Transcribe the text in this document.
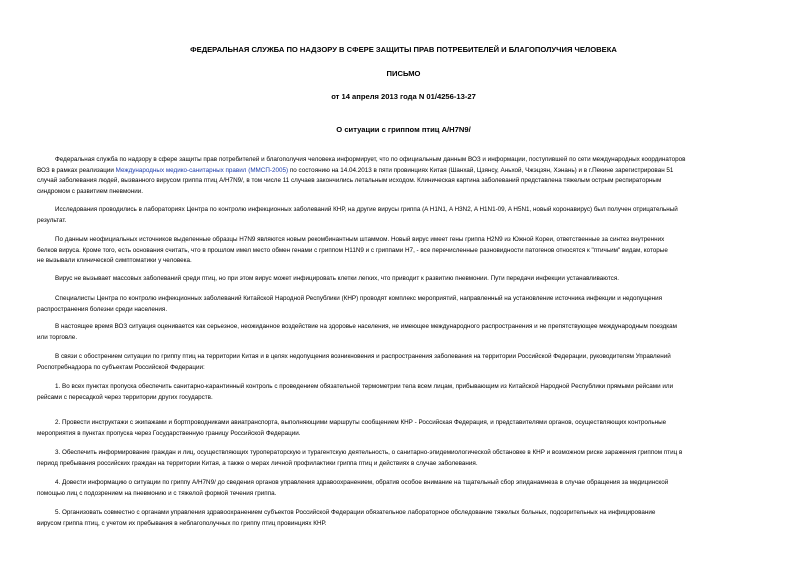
ФЕДЕРАЛЬНАЯ СЛУЖБА ПО НАДЗОРУ В СФЕРЕ ЗАЩИТЫ ПРАВ ПОТРЕБИТЕЛЕЙ И БЛАГОПОЛУЧИЯ ЧЕЛОВЕКА
ПИСЬМО
от 14 апреля 2013 года N 01/4256-13-27
О ситуации с гриппом птиц A/H7N9/
Федеральная служба по надзору в сфере защиты прав потребителей и благополучия человека информирует, что по официальным данным ВОЗ и информации, поступившей по сети международных координаторов
ВОЗ в рамках реализации Международных медико-санитарных правил (ММСП-2005) по состоянию на 14.04.2013 в пяти провинциях Китая (Шанхай, Цзянсу, Аньхой, Чжэцзян, Хэнань) и в г.Пекине зарегистрирован 51
случай заболевания людей, вызванного вирусом гриппа птиц A/H7N9/, в том числе 11 случаев закончились летальным исходом. Клиническая картина заболеваний представлена тяжелым острым респираторным
синдромом с развитием пневмонии.
Исследования проводились в лабораториях Центра по контролю инфекционных заболеваний КНР, на другие вирусы гриппа (A H1N1, A H3N2, A H1N1-09, A H5N1, новый коронавирус) был получен отрицательный
результат.
По данным неофициальных источников выделенные образцы H7N9 являются новым рекомбинантным штаммом. Новый вирус имеет гены гриппа H2N9 из Южной Кореи, ответственные за синтез внутренних
белков вируса. Кроме того, есть основания считать, что в прошлом имел место обмен генами с гриппом H11N9 и с гриппами H7, - все перечисленные разновидности патогенов относятся к "птичьим" видам, которые
не вызывали клинической симптоматики у человека.
Вирус не вызывает массовых заболеваний среди птиц, но при этом вирус может инфицировать клетки легких, что приводит к развитию пневмонии. Пути передачи инфекции устанавливаются.
Специалисты Центра по контролю инфекционных заболеваний Китайской Народной Республики (КНР) проводят комплекс мероприятий, направленный на установление источника инфекции и недопущения
распространения болезни среди населения.
В настоящее время ВОЗ ситуация оценивается как серьезное, неожиданное воздействие на здоровье населения, не имеющее международного распространения и не препятствующее международным поездкам
или торговле.
В связи с обострением ситуации по гриппу птиц на территории Китая и в целях недопущения возникновения и распространения заболевания на территории Российской Федерации, руководителям Управлений
Роспотребнадзора по субъектам Российской Федерации:
1. Во всех пунктах пропуска обеспечить санитарно-карантинный контроль с проведением обязательной термометрии тела всем лицам, прибывающим из Китайской Народной Республики прямыми рейсами или
рейсами с пересадкой через территории других государств.
2. Провести инструктажи с экипажами и бортпроводниками авиатранспорта, выполняющими маршруты сообщением КНР - Российская Федерация, и представителями органов, осуществляющих контрольные
мероприятия в пунктах пропуска через Государственную границу Российской Федерации.
3. Обеспечить информирование граждан и лиц, осуществляющих туроператорскую и турагентскую деятельность, о санитарно-эпидемиологической обстановке в КНР и возможном риске заражения гриппом птиц в
период пребывания российских граждан на территории Китая, а также о мерах личной профилактики гриппа птиц и действиях в случае заболевания.
4. Довести информацию о ситуации по гриппу A/H7N9/ до сведения органов управления здравоохранением, обратив особое внимание на тщательный сбор эпиданамнеза в случае обращения за медицинской
помощью лиц с подозрением на пневмонию и с тяжелой формой течения гриппа.
5. Организовать совместно с органами управления здравоохранением субъектов Российской Федерации обязательное лабораторное обследование тяжелых больных, подозрительных на инфицирование
вирусом гриппа птиц, с учетом их пребывания в неблагополучных по гриппу птиц провинциях КНР.
